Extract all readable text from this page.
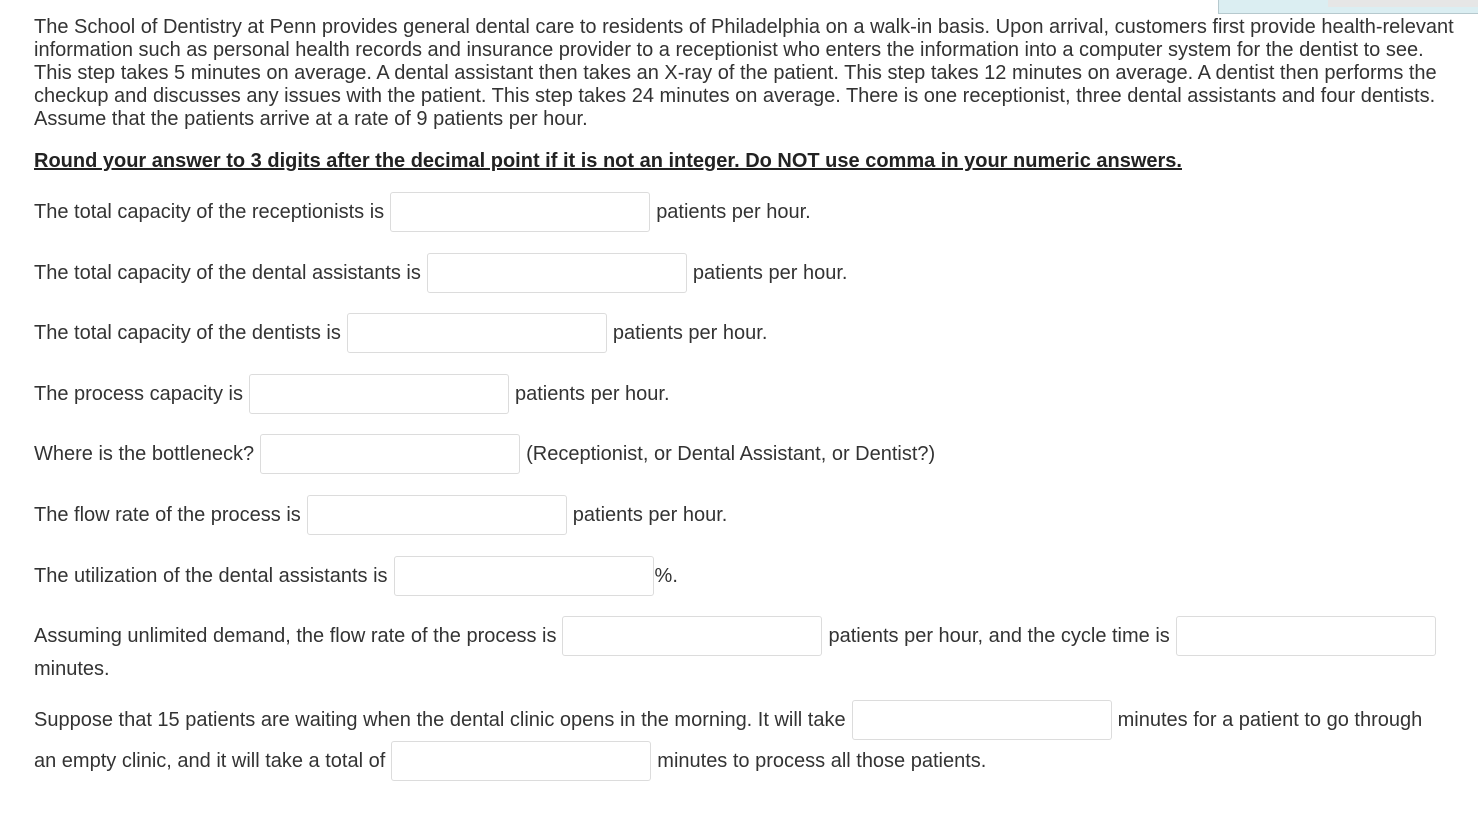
The School of Dentistry at Penn provides general dental care to residents of Philadelphia on a walk-in basis. Upon arrival, customers first provide health-relevant information such as personal health records and insurance provider to a receptionist who enters the information into a computer system for the dentist to see. This step takes 5 minutes on average. A dental assistant then takes an X-ray of the patient. This step takes 12 minutes on average. A dentist then performs the checkup and discusses any issues with the patient. This step takes 24 minutes on average. There is one receptionist, three dental assistants and four dentists. Assume that the patients arrive at a rate of 9 patients per hour.

Round your answer to 3 digits after the decimal point if it is not an integer. Do NOT use comma in your numeric answers.

The total capacity of the receptionists is	patients per hour.
The total capacity of the dental assistants is	patients per hour.
The total capacity of the dentists is	patients per hour.
The process capacity is	patients per hour.
Where is the bottleneck?	(Receptionist, or Dental Assistant, or Dentist?)
The flow rate of the process is	patients per hour.
The utilization of the dental assistants is	%.
Assuming unlimited demand, the flow rate of the process is	patients per hour, and the cycle time is
minutes.
Suppose that 15 patients are waiting when the dental clinic opens in the morning. It will take	minutes for a patient to go through
an empty clinic, and it will take a total of	minutes to process all those patients.
